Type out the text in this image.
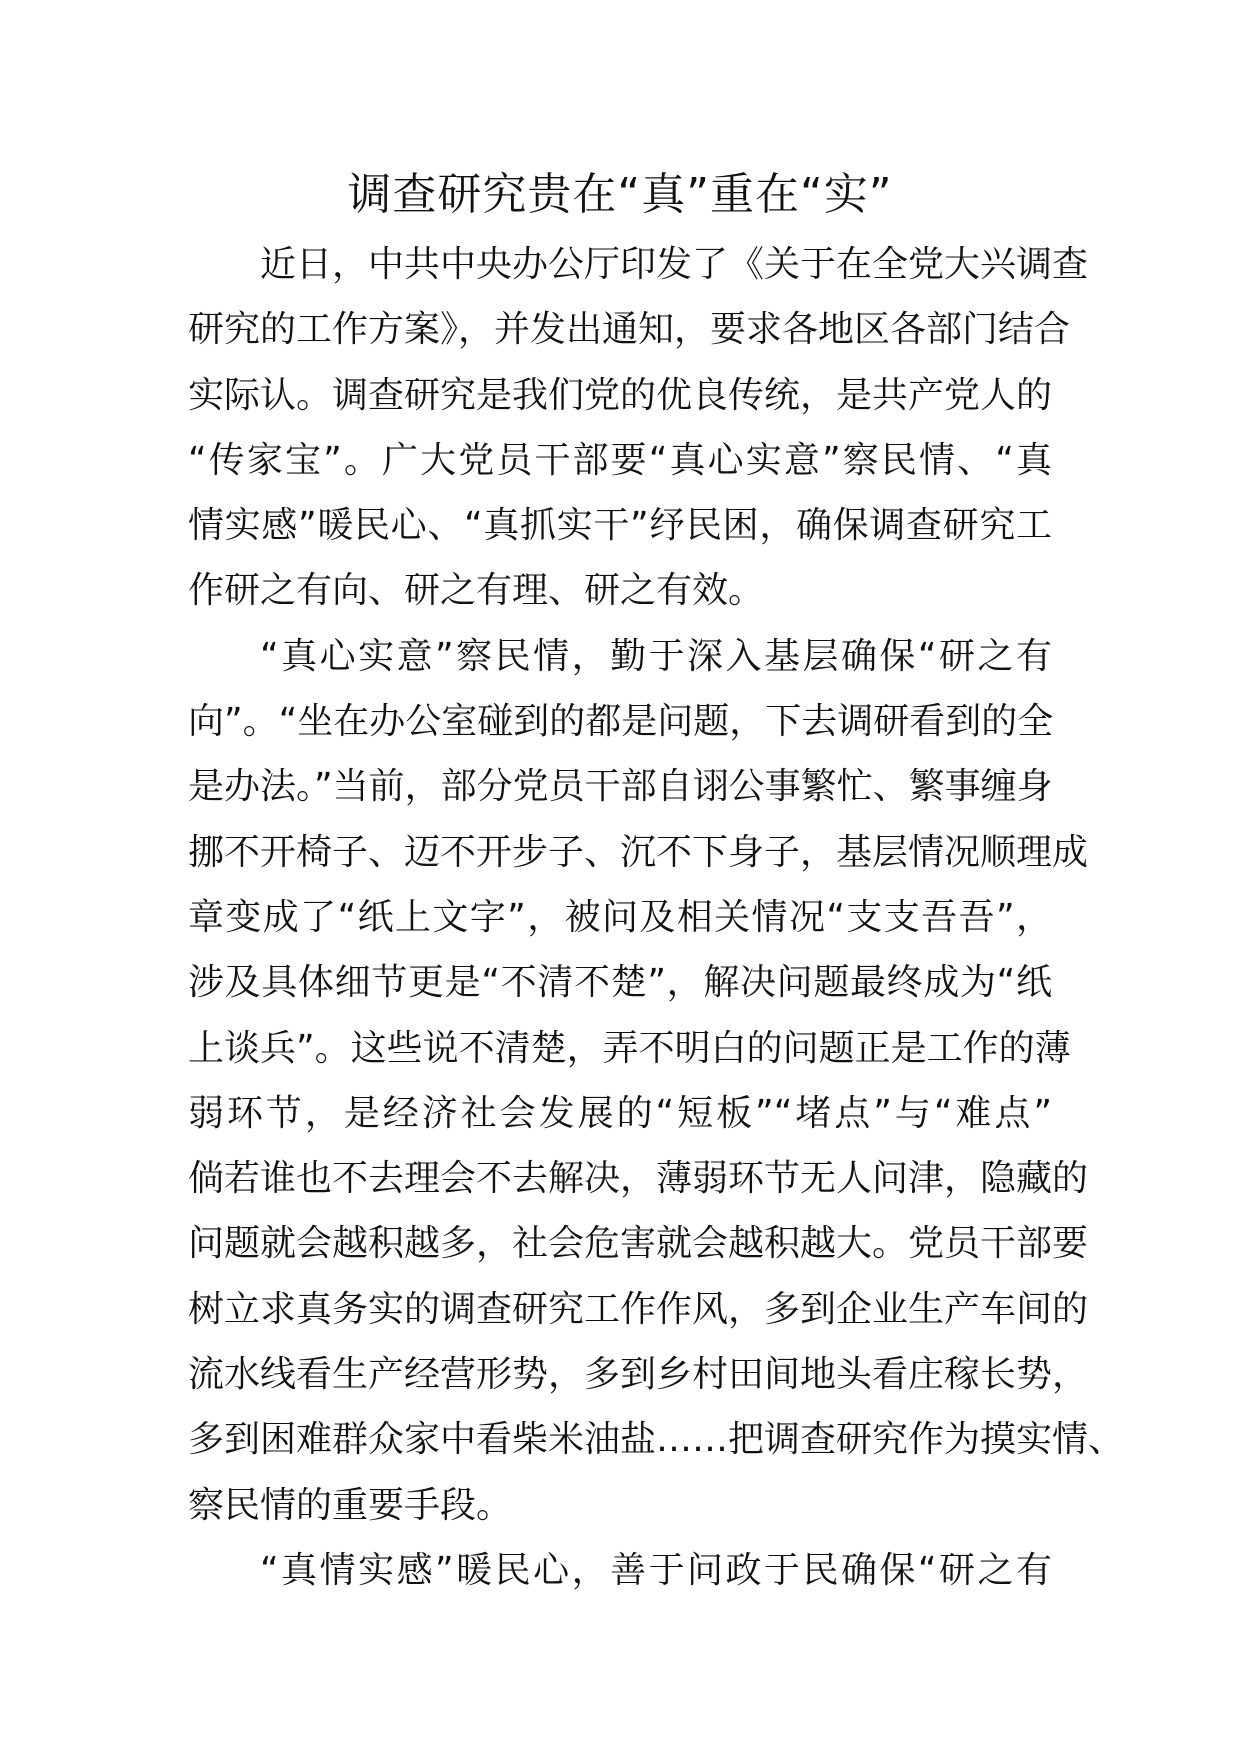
调查研究贵在“真”重在“实”
近日，中共中央办公厅印发了《关于在全党大兴调查
研究的工作方案》，并发出通知，要求各地区各部门结合
实际认。调查研究是我们党的优良传统，是共产党人的
“传家宝”。广大党员干部要“真心实意”察民情、“真
情实感”暖民心、“真抓实干”纾民困，确保调查研究工
作研之有向、研之有理、研之有效。
“真心实意”察民情，勤于深入基层确保“研之有
向”。“坐在办公室碰到的都是问题，下去调研看到的全
是办法。”当前，部分党员干部自诩公事繁忙、繁事缠身
挪不开椅子、迈不开步子、沉不下身子，基层情况顺理成
章变成了“纸上文字”，被问及相关情况“支支吾吾”，
涉及具体细节更是“不清不楚”，解决问题最终成为“纸
上谈兵”。这些说不清楚，弄不明白的问题正是工作的薄
弱环节，是经济社会发展的“短板”“堵点”与“难点”
倘若谁也不去理会不去解决，薄弱环节无人问津，隐藏的
问题就会越积越多，社会危害就会越积越大。党员干部要
树立求真务实的调查研究工作作风，多到企业生产车间的
流水线看生产经营形势，多到乡村田间地头看庄稼长势，
多到困难群众家中看柴米油盐……把调查研究作为摸实情、
察民情的重要手段。
“真情实感”暖民心，善于问政于民确保“研之有
